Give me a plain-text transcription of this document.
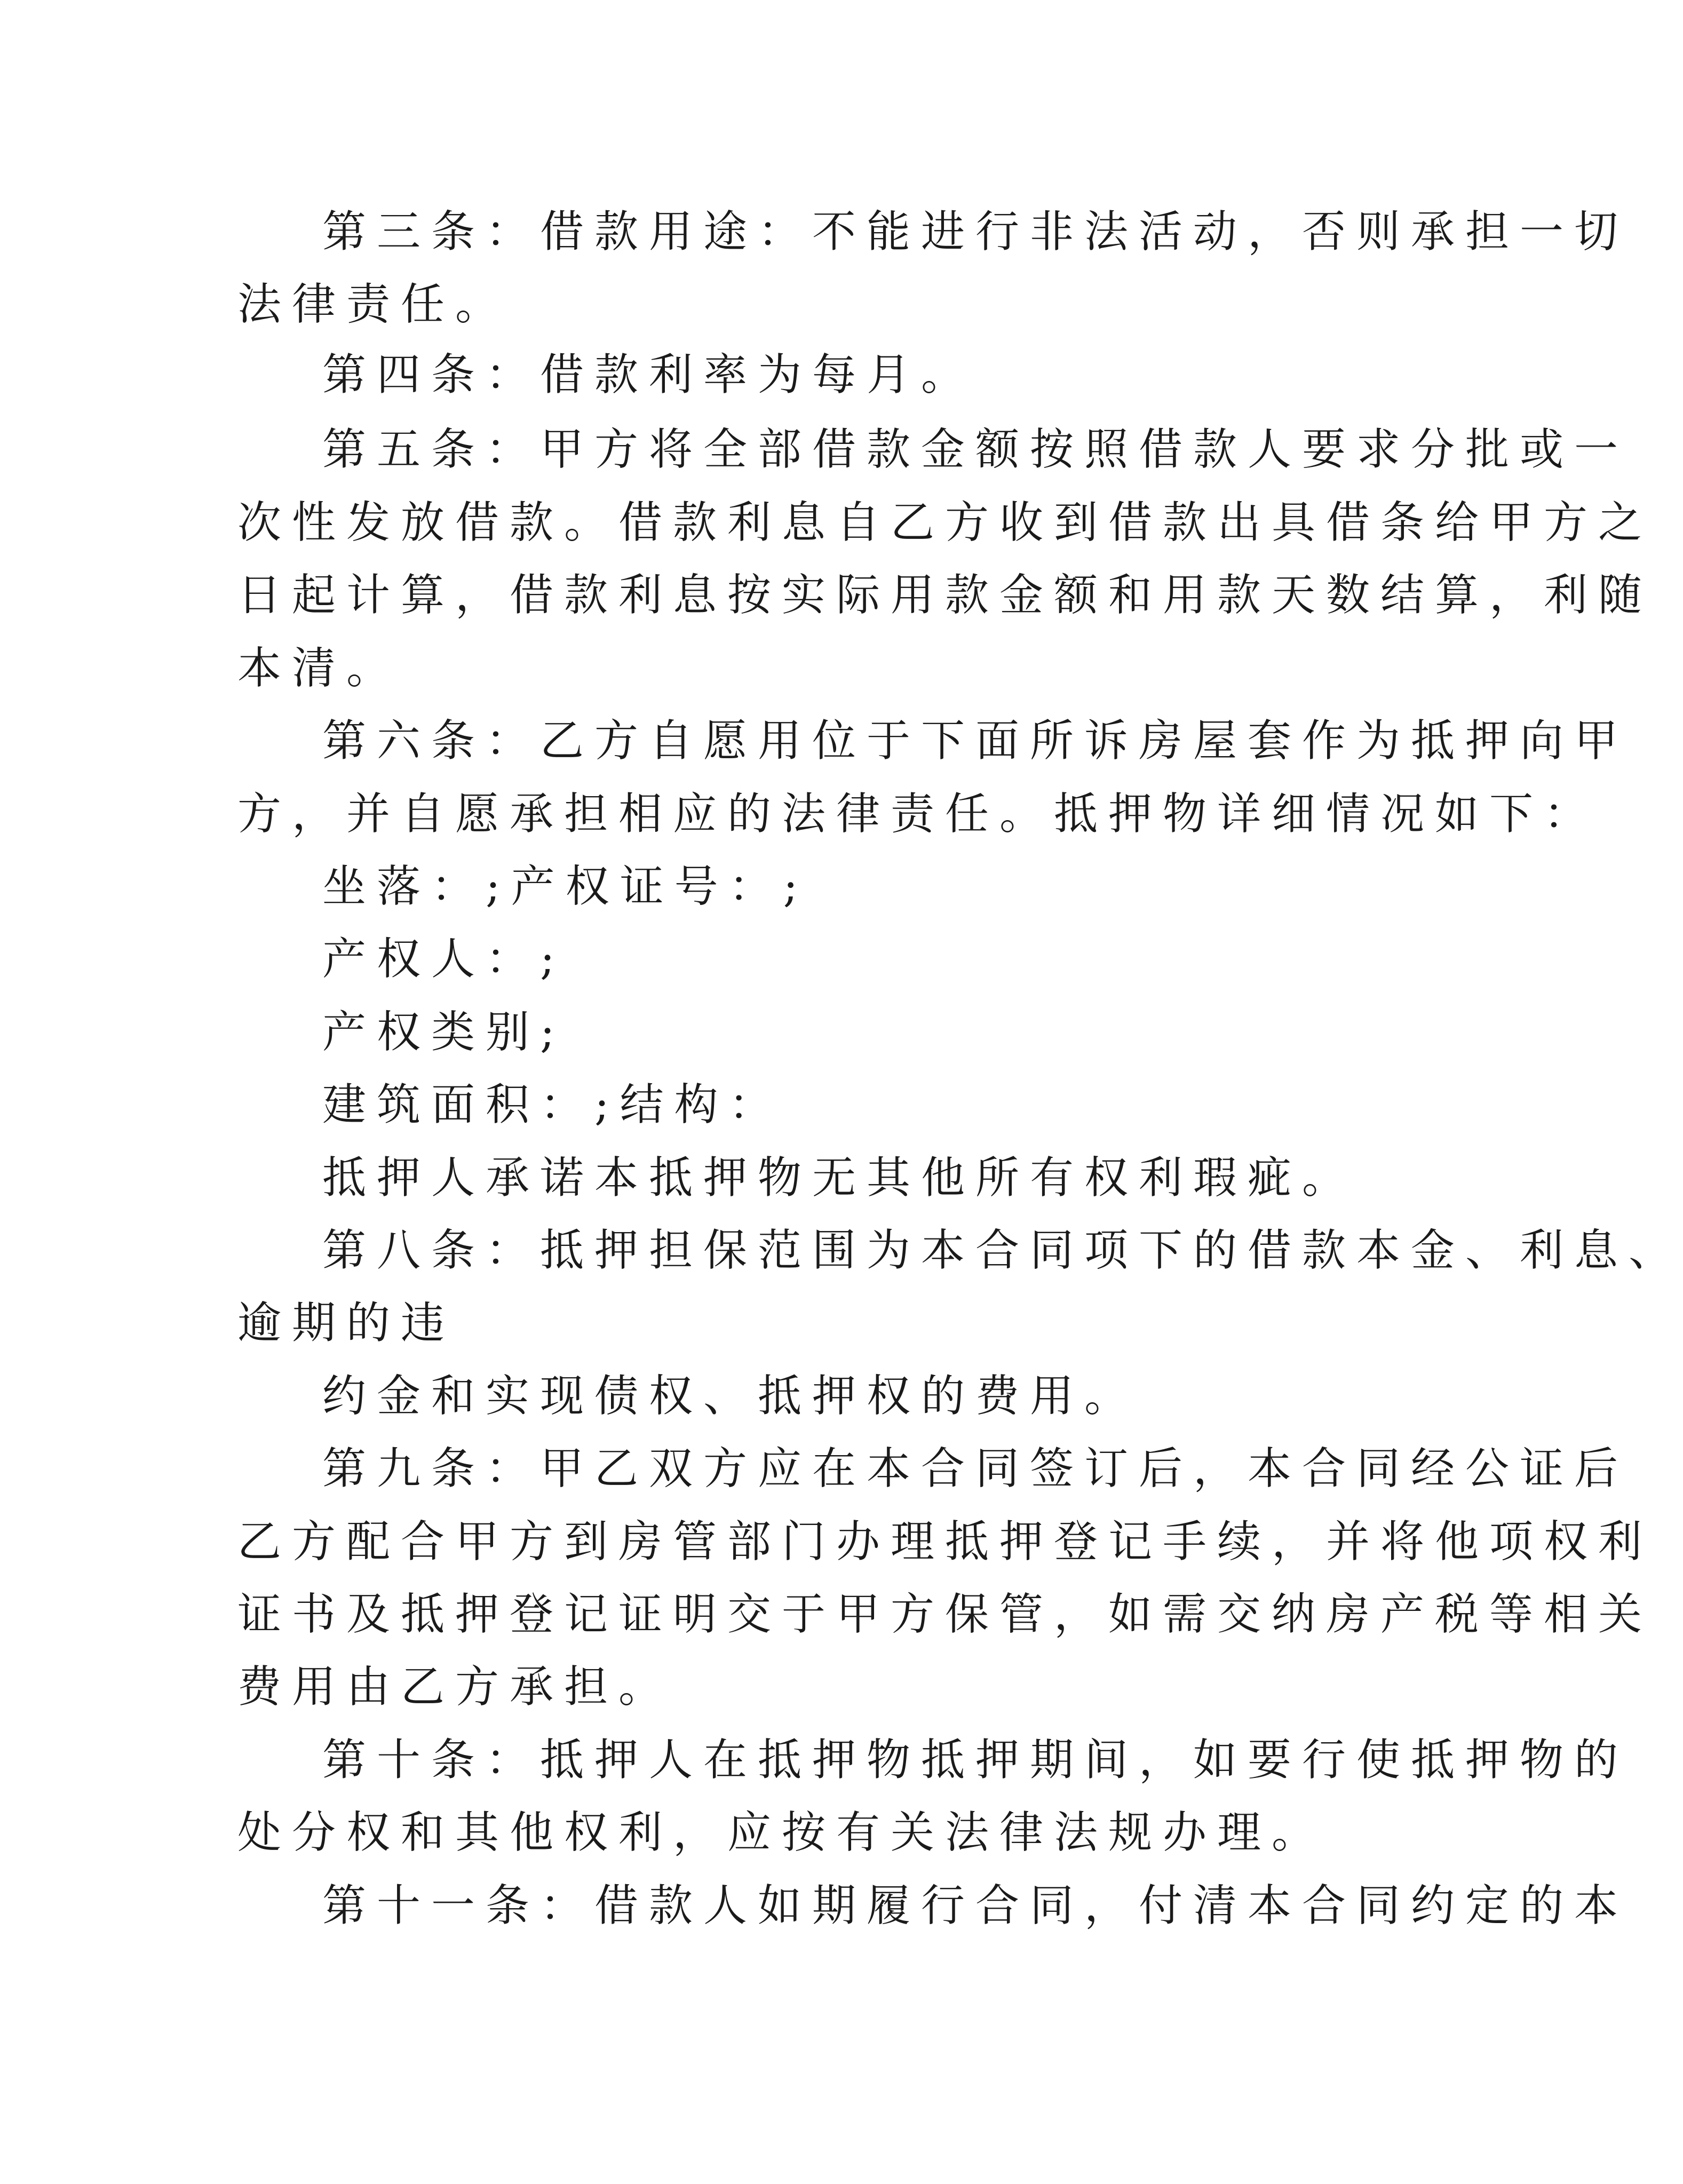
第三条：借款用途：不能进行非法活动，否则承担一切
法律责任。
第四条：借款利率为每月。
第五条：甲方将全部借款金额按照借款人要求分批或一
次性发放借款。借款利息自乙方收到借款出具借条给甲方之
日起计算，借款利息按实际用款金额和用款天数结算，利随
本清。
第六条：乙方自愿用位于下面所诉房屋套作为抵押向甲
方，并自愿承担相应的法律责任。抵押物详细情况如下：
坐落：;产权证号：;
产权人：;
产权类别;
建筑面积：;结构：
抵押人承诺本抵押物无其他所有权利瑕疵。
第八条：抵押担保范围为本合同项下的借款本金、利息、
逾期的违
约金和实现债权、抵押权的费用。
第九条：甲乙双方应在本合同签订后，本合同经公证后
乙方配合甲方到房管部门办理抵押登记手续，并将他项权利
证书及抵押登记证明交于甲方保管，如需交纳房产税等相关
费用由乙方承担。
第十条：抵押人在抵押物抵押期间，如要行使抵押物的
处分权和其他权利，应按有关法律法规办理。
第十一条：借款人如期履行合同，付清本合同约定的本
